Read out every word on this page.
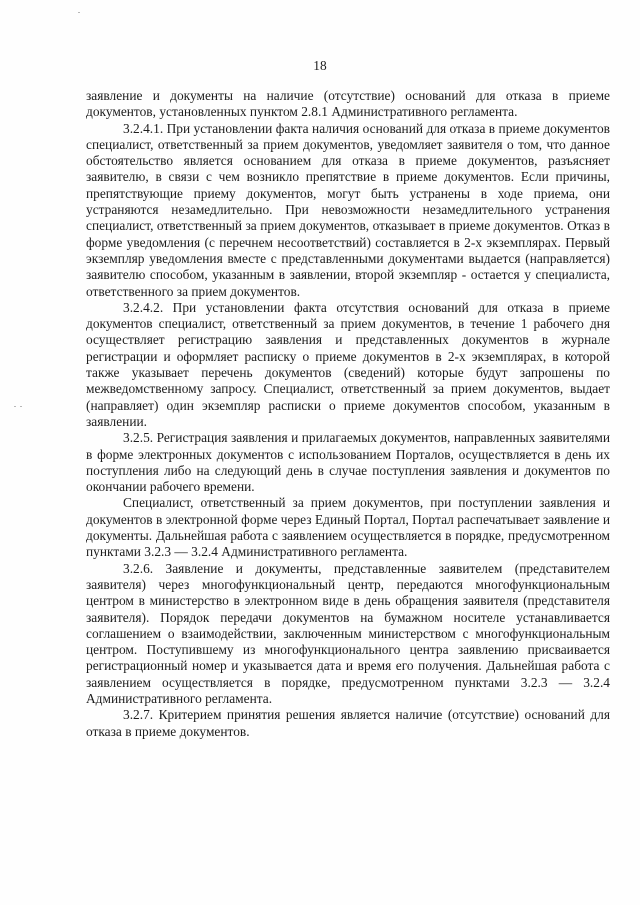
18

заявление и документы на наличие (отсутствие) оснований для отказа в приеме документов, установленных пунктом 2.8.1 Административного регламента.

3.2.4.1. При установлении факта наличия оснований для отказа в приеме документов специалист, ответственный за прием документов, уведомляет заявителя о том, что данное обстоятельство является основанием для отказа в приеме документов, разъясняет заявителю, в связи с чем возникло препятствие в приеме документов. Если причины, препятствующие приему документов, могут быть устранены в ходе приема, они устраняются незамедлительно. При невозможности незамедлительного устранения специалист, ответственный за прием документов, отказывает в приеме документов. Отказ в форме уведомления (с перечнем несоответствий) составляется в 2-х экземплярах. Первый экземпляр уведомления вместе с представленными документами выдается (направляется) заявителю способом, указанным в заявлении, второй экземпляр - остается у специалиста, ответственного за прием документов.

3.2.4.2. При установлении факта отсутствия оснований для отказа в приеме документов специалист, ответственный за прием документов, в течение 1 рабочего дня осуществляет регистрацию заявления и представленных документов в журнале регистрации и оформляет расписку о приеме документов в 2-х экземплярах, в которой также указывает перечень документов (сведений) которые будут запрошены по межведомственному запросу. Специалист, ответственный за прием документов, выдает (направляет) один экземпляр расписки о приеме документов способом, указанным в заявлении.

3.2.5. Регистрация заявления и прилагаемых документов, направленных заявителями в форме электронных документов с использованием Порталов, осуществляется в день их поступления либо на следующий день в случае поступления заявления и документов по окончании рабочего времени.

Специалист, ответственный за прием документов, при поступлении заявления и документов в электронной форме через Единый Портал, Портал распечатывает заявление и документы. Дальнейшая работа с заявлением осуществляется в порядке, предусмотренном пунктами 3.2.3 — 3.2.4 Административного регламента.

3.2.6. Заявление и документы, представленные заявителем (представителем заявителя) через многофункциональный центр, передаются многофункциональным центром в министерство в электронном виде в день обращения заявителя (представителя заявителя). Порядок передачи документов на бумажном носителе устанавливается соглашением о взаимодействии, заключенным министерством с многофункциональным центром. Поступившему из многофункционального центра заявлению присваивается регистрационный номер и указывается дата и время его получения. Дальнейшая работа с заявлением осуществляется в порядке, предусмотренном пунктами 3.2.3 — 3.2.4 Административного регламента.

3.2.7. Критерием принятия решения является наличие (отсутствие) оснований для отказа в приеме документов.
